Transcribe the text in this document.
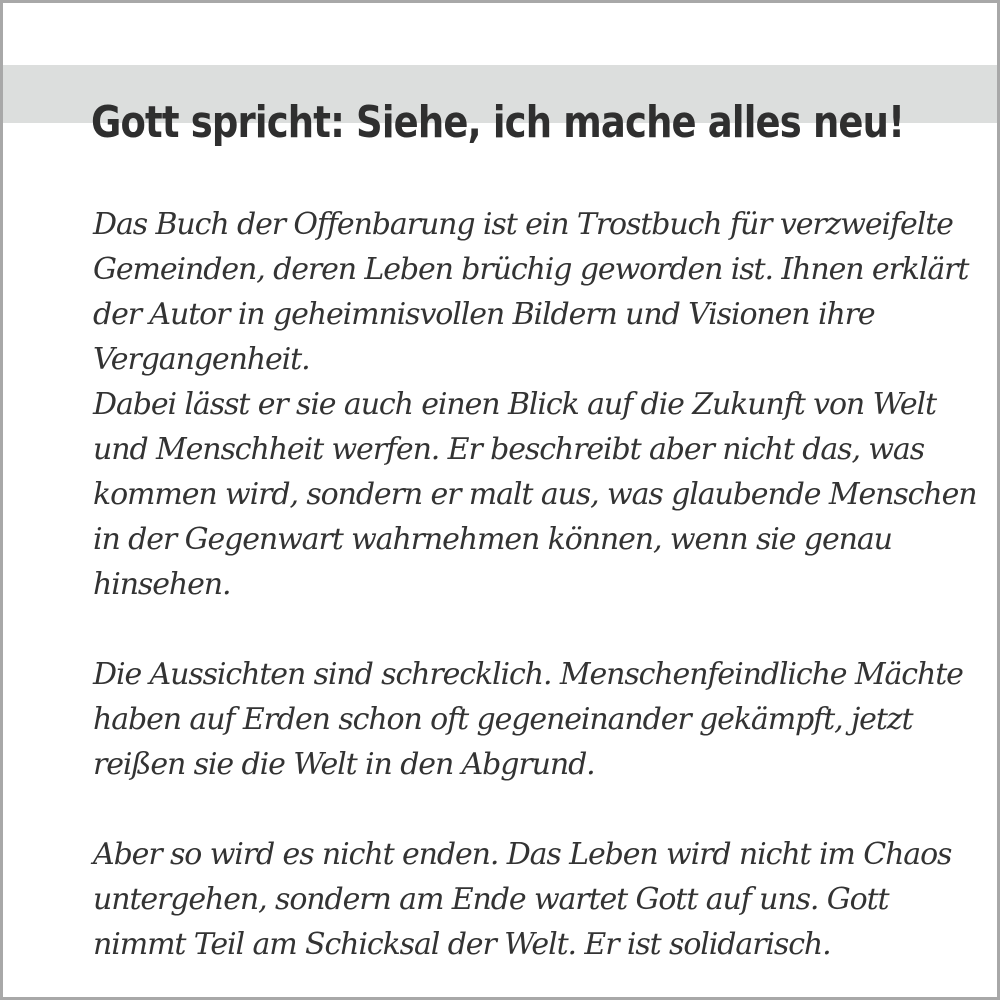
Gott spricht: Siehe, ich mache alles neu!

Das Buch der Offenbarung ist ein Trostbuch für verzweifelte
Gemeinden, deren Leben brüchig geworden ist. Ihnen erklärt
der Autor in geheimnisvollen Bildern und Visionen ihre
Vergangenheit.

Dabei lässt er sie auch einen Blick auf die Zukunft von Welt
und Menschheit werfen. Er beschreibt aber nicht das, was
kommen wird, sondern er malt aus, was glaubende Menschen
in der Gegenwart wahrnehmen können, wenn sie genau
hinsehen.

Die Aussichten sind schrecklich. Menschenfeindliche Mächte
haben auf Erden schon oft gegeneinander gekämpft, jetzt
reißen sie die Welt in den Abgrund.

Aber so wird es nicht enden. Das Leben wird nicht im Chaos
untergehen, sondern am Ende wartet Gott auf uns. Gott
nimmt Teil am Schicksal der Welt. Er ist solidarisch.
